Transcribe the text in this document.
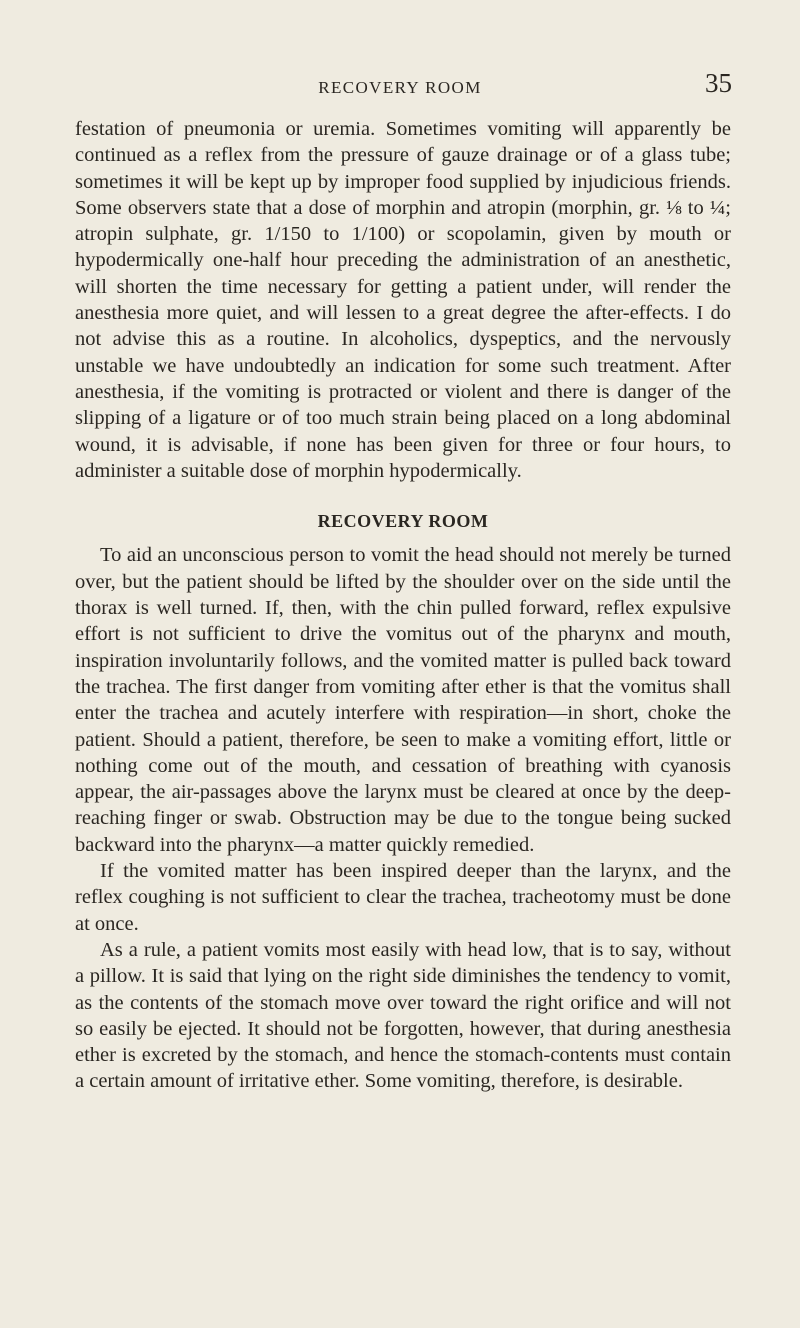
RECOVERY ROOM	35

festation of pneumonia or uremia. Sometimes vomiting will apparently be continued as a reflex from the pressure of gauze drainage or of a glass tube; sometimes it will be kept up by improper food supplied by injudicious friends. Some observers state that a dose of morphin and atropin (morphin, gr. ⅛ to ¼; atropin sulphate, gr. 1/150 to 1/100) or scopolamin, given by mouth or hypodermically one-half hour preceding the administration of an anesthetic, will shorten the time necessary for getting a patient under, will render the anesthesia more quiet, and will lessen to a great degree the after-effects. I do not advise this as a routine. In alcoholics, dyspeptics, and the nervously unstable we have undoubtedly an indication for some such treatment. After anesthesia, if the vomiting is protracted or violent and there is danger of the slipping of a ligature or of too much strain being placed on a long abdominal wound, it is advisable, if none has been given for three or four hours, to administer a suitable dose of morphin hypodermically.

RECOVERY ROOM

To aid an unconscious person to vomit the head should not merely be turned over, but the patient should be lifted by the shoulder over on the side until the thorax is well turned. If, then, with the chin pulled forward, reflex expulsive effort is not sufficient to drive the vomitus out of the pharynx and mouth, inspiration involuntarily follows, and the vomited matter is pulled back toward the trachea. The first danger from vomiting after ether is that the vomitus shall enter the trachea and acutely interfere with respiration—in short, choke the patient. Should a patient, therefore, be seen to make a vomiting effort, little or nothing come out of the mouth, and cessation of breathing with cyanosis appear, the air-passages above the larynx must be cleared at once by the deep-reaching finger or swab. Obstruction may be due to the tongue being sucked backward into the pharynx—a matter quickly remedied.

If the vomited matter has been inspired deeper than the larynx, and the reflex coughing is not sufficient to clear the trachea, tracheotomy must be done at once.

As a rule, a patient vomits most easily with head low, that is to say, without a pillow. It is said that lying on the right side diminishes the tendency to vomit, as the contents of the stomach move over toward the right orifice and will not so easily be ejected. It should not be forgotten, however, that during anesthesia ether is excreted by the stomach, and hence the stomach-contents must contain a certain amount of irritative ether. Some vomiting, therefore, is desirable.
